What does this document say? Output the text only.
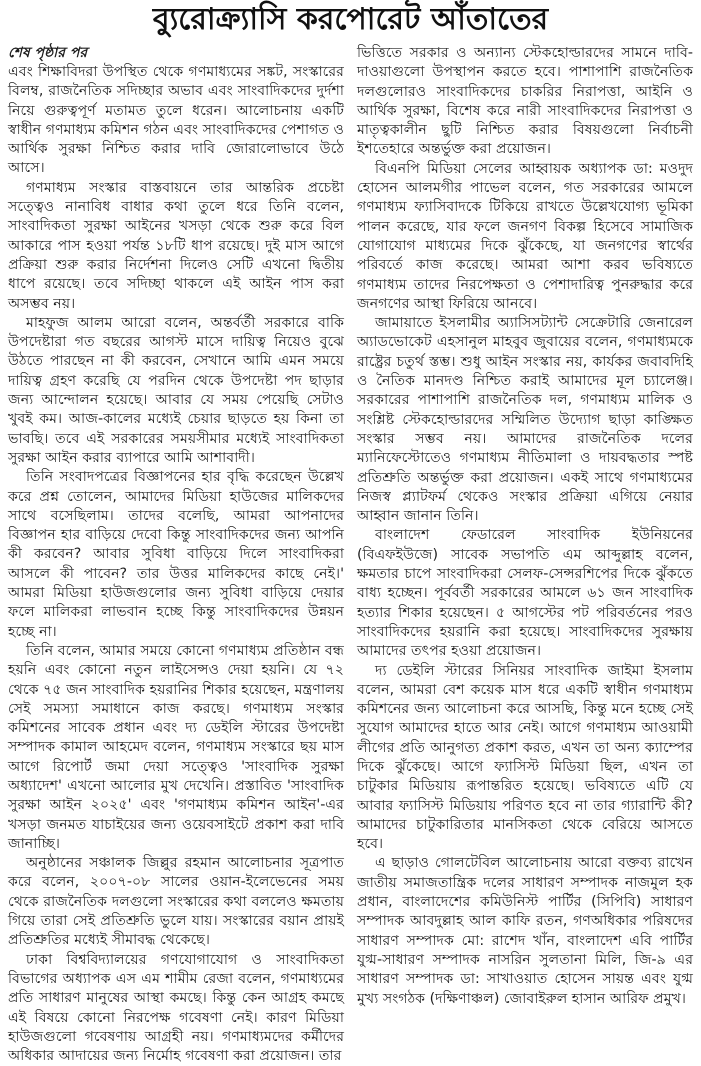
ব্যুরোক্র্যাসি করপোরেট আঁতাতের
শেষ পৃষ্ঠার পর

এবং শিক্ষাবিদরা উপস্থিত থেকে গণমাধ্যমের সঙ্কট, সংস্কারের বিলম্ব, রাজনৈতিক সদিচ্ছার অভাব এবং সাংবাদিকদের দুর্দশা নিয়ে গুরুত্বপূর্ণ মতামত তুলে ধরেন। আলোচনায় একটি স্বাধীন গণমাধ্যম কমিশন গঠন এবং সাংবাদিকদের পেশাগত ও আর্থিক সুরক্ষা নিশ্চিত করার দাবি জোরালোভাবে উঠে আসে।

গণমাধ্যম সংস্কার বাস্তবায়নে তার আন্তরিক প্রচেষ্টা সত্ত্বেও নানাবিধ বাধার কথা তুলে ধরে তিনি বলেন, সাংবাদিকতা সুরক্ষা আইনের খসড়া থেকে শুরু করে বিল আকারে পাস হওয়া পর্যন্ত ১৮টি ধাপ রয়েছে। দুই মাস আগে প্রক্রিয়া শুরু করার নির্দেশনা দিলেও সেটি এখনো দ্বিতীয় ধাপে রয়েছে। তবে সদিচ্ছা থাকলে এই আইন পাস করা অসম্ভব নয়।

মাহফুজ আলম আরো বলেন, অন্তর্বর্তী সরকারে বাকি উপদেষ্টারা গত বছরের আগস্ট মাসে দায়িত্ব নিয়েও বুঝে উঠতে পারছেন না কী করবেন, সেখানে আমি এমন সময়ে দায়িত্ব গ্রহণ করেছি যে পরদিন থেকে উপদেষ্টা পদ ছাড়ার জন্য আন্দোলন হয়েছে। আবার যে সময় পেয়েছি সেটাও খুবই কম। আজ-কালের মধ্যেই চেয়ার ছাড়তে হয় কিনা তা ভাবছি। তবে এই সরকারের সময়সীমার মধ্যেই সাংবাদিকতা সুরক্ষা আইন করার ব্যাপারে আমি আশাবাদী।

তিনি সংবাদপত্রের বিজ্ঞাপনের হার বৃদ্ধি করেছেন উল্লেখ করে প্রশ্ন তোলেন, আমাদের মিডিয়া হাউজের মালিকদের সাথে বসেছিলাম। তাদের বলেছি, আমরা আপনাদের বিজ্ঞাপন হার বাড়িয়ে দেবো কিন্তু সাংবাদিকদের জন্য আপনি কী করবেন? আবার সুবিধা বাড়িয়ে দিলে সাংবাদিকরা আসলে কী পাবেন? তার উত্তর মালিকদের কাছে নেই।' আমরা মিডিয়া হাউজগুলোর জন্য সুবিধা বাড়িয়ে দেয়ার ফলে মালিকরা লাভবান হচ্ছে কিন্তু সাংবাদিকদের উন্নয়ন হচ্ছে না।

তিনি বলেন, আমার সময়ে কোনো গণমাধ্যম প্রতিষ্ঠান বন্ধ হয়নি এবং কোনো নতুন লাইসেন্সও দেয়া হয়নি। যে ৭২ থেকে ৭৫ জন সাংবাদিক হয়রানির শিকার হয়েছেন, মন্ত্রণালয় সেই সমস্যা সমাধানে কাজ করছে। গণমাধ্যম সংস্কার কমিশনের সাবেক প্রধান এবং দ্য ডেইলি স্টারের উপদেষ্টা সম্পাদক কামাল আহমেদ বলেন, গণমাধ্যম সংস্কারে ছয় মাস আগে রিপোর্ট জমা দেয়া সত্ত্বেও 'সাংবাদিক সুরক্ষা অধ্যাদেশ' এখনো আলোর মুখ দেখেনি। প্রস্তাবিত 'সাংবাদিক সুরক্ষা আইন ২০২৫' এবং 'গণমাধ্যম কমিশন আইন'-এর খসড়া জনমত যাচাইয়ের জন্য ওয়েবসাইটে প্রকাশ করা দাবি জানাচ্ছি।

অনুষ্ঠানের সঞ্চালক জিল্লুর রহমান আলোচনার সূত্রপাত করে বলেন, ২০০৭-০৮ সালের ওয়ান-ইলেভেনের সময় থেকে রাজনৈতিক দলগুলো সংস্কারের কথা বললেও ক্ষমতায় গিয়ে তারা সেই প্রতিশ্রুতি ভুলে যায়। সংস্কারের বয়ান প্রায়ই প্রতিশ্রুতির মধ্যেই সীমাবদ্ধ থেকেছে।

ঢাকা বিশ্ববিদ্যালয়ের গণযোগাযোগ ও সাংবাদিকতা বিভাগের অধ্যাপক এস এম শামীম রেজা বলেন, গণমাধ্যমের প্রতি সাধারণ মানুষের আস্থা কমছে। কিন্তু কেন আগ্রহ কমছে এই বিষয়ে কোনো নিরপেক্ষ গবেষণা নেই। কারণ মিডিয়া হাউজগুলো গবেষণায় আগ্রহী নয়। গণমাধ্যমদের কর্মীদের অধিকার আদায়ের জন্য নির্মোহ গবেষণা করা প্রয়োজন। তার

ভিত্তিতে সরকার ও অন্যান্য স্টেকহোল্ডারদের সামনে দাবি-দাওয়াগুলো উপস্থাপন করতে হবে। পাশাপাশি রাজনৈতিক দলগুলোরও সাংবাদিকদের চাকরির নিরাপত্তা, আইনি ও আর্থিক সুরক্ষা, বিশেষ করে নারী সাংবাদিকদের নিরাপত্তা ও মাতৃত্বকালীন ছুটি নিশ্চিত করার বিষয়গুলো নির্বাচনী ইশতেহারে অন্তর্ভুক্ত করা প্রয়োজন।

বিএনপি মিডিয়া সেলের আহ্বায়ক অধ্যাপক ডা: মওদুদ হোসেন আলমগীর পাভেল বলেন, গত সরকারের আমলে গণমাধ্যম ফ্যাসিবাদকে টিকিয়ে রাখতে উল্লেখযোগ্য ভূমিকা পালন করেছে, যার ফলে জনগণ বিকল্প হিসেবে সামাজিক যোগাযোগ মাধ্যমের দিকে ঝুঁকেছে, যা জনগণের স্বার্থের পরিবর্তে কাজ করেছে। আমরা আশা করব ভবিষ্যতে গণমাধ্যম তাদের নিরপেক্ষতা ও পেশাদারিত্ব পুনরুদ্ধার করে জনগণের আস্থা ফিরিয়ে আনবে।

জামায়াতে ইসলামীর অ্যাসিসট্যান্ট সেক্রেটারি জেনারেল অ্যাডভোকেট এহসানুল মাহবুব জুবায়ের বলেন, গণমাধ্যমকে রাষ্ট্রের চতুর্থ স্তম্ভ। শুধু আইন সংস্কার নয়, কার্যকর জবাবদিহি ও নৈতিক মানদণ্ড নিশ্চিত করাই আমাদের মূল চ্যালেঞ্জ। সরকারের পাশাপাশি রাজনৈতিক দল, গণমাধ্যম মালিক ও সংশ্লিষ্ট স্টেকহোল্ডারদের সম্মিলিত উদ্যোগ ছাড়া কাঙ্ক্ষিত সংস্কার সম্ভব নয়। আমাদের রাজনৈতিক দলের ম্যানিফেস্টোতেও গণমাধ্যম নীতিমালা ও দায়বদ্ধতার স্পষ্ট প্রতিশ্রুতি অন্তর্ভুক্ত করা প্রয়োজন। একই সাথে গণমাধ্যমের নিজস্ব প্ল্যাটফর্ম থেকেও সংস্কার প্রক্রিয়া এগিয়ে নেয়ার আহ্বান জানান তিনি।

বাংলাদেশ ফেডারেল সাংবাদিক ইউনিয়নের (বিএফইউজে) সাবেক সভাপতি এম আব্দুল্লাহ বলেন, ক্ষমতার চাপে সাংবাদিকরা সেলফ-সেন্সরশিপের দিকে ঝুঁকতে বাধ্য হচ্ছেন। পূর্ববর্তী সরকারের আমলে ৬১ জন সাংবাদিক হত্যার শিকার হয়েছেন। ৫ আগস্টের পট পরিবর্তনের পরও সাংবাদিকদের হয়রানি করা হয়েছে। সাংবাদিকদের সুরক্ষায় আমাদের তৎপর হওয়া প্রয়োজন।

দ্য ডেইলি স্টারের সিনিয়র সাংবাদিক জাইমা ইসলাম বলেন, আমরা বেশ কয়েক মাস ধরে একটি স্বাধীন গণমাধ্যম কমিশনের জন্য আলোচনা করে আসছি, কিন্তু মনে হচ্ছে সেই সুযোগ আমাদের হাতে আর নেই। আগে গণমাধ্যম আওয়ামী লীগের প্রতি আনুগত্য প্রকাশ করত, এখন তা অন্য ক্যাম্পের দিকে ঝুঁকেছে। আগে ফ্যাসিস্ট মিডিয়া ছিল, এখন তা চাটুকার মিডিয়ায় রূপান্তরিত হয়েছে। ভবিষ্যতে এটি যে আবার ফ্যাসিস্ট মিডিয়ায় পরিণত হবে না তার গ্যারান্টি কী? আমাদের চাটুকারিতার মানসিকতা থেকে বেরিয়ে আসতে হবে।

এ ছাড়াও গোলটেবিল আলোচনায় আরো বক্তব্য রাখেন জাতীয় সমাজতান্ত্রিক দলের সাধারণ সম্পাদক নাজমুল হক প্রধান, বাংলাদেশের কমিউনিস্ট পার্টির (সিপিবি) সাধারণ সম্পাদক আবদুল্লাহ আল কাফি রতন, গণঅধিকার পরিষদের সাধারণ সম্পাদক মো: রাশেদ খাঁন, বাংলাদেশ এবি পার্টির যুগ্ম-সাধারণ সম্পাদক নাসরিন সুলতানা মিলি, জি-৯ এর সাধারণ সম্পাদক ডা: সাখাওয়াত হোসেন সায়ন্ত এবং যুগ্ম মুখ্য সংগঠক (দক্ষিণাঞ্চল) জোবাইরুল হাসান আরিফ প্রমুখ।
